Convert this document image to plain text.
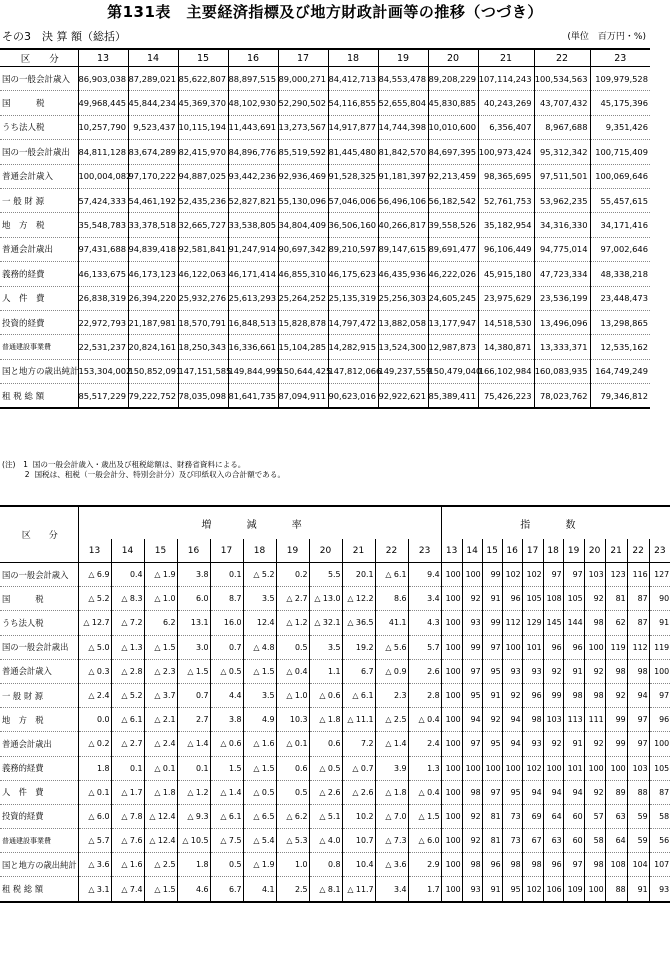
第131表　主要経済指標及び地方財政計画等の推移（つづき）
その3　決 算 額（総括）	(単位　百万円・%)
区　　分	13	14	15	16	17	18	19	20	21	22	23
国の一般会計歳入	86,903,038	87,289,021	85,622,807	88,897,515	89,000,271	84,412,713	84,553,478	89,208,229	107,114,243	100,534,563	109,979,528
国　　　税	49,968,445	45,844,234	45,369,370	48,102,930	52,290,502	54,116,855	52,655,804	45,830,885	40,243,269	43,707,432	45,175,396
うち法人税	10,257,790	9,523,437	10,115,194	11,443,691	13,273,567	14,917,877	14,744,398	10,010,600	6,356,407	8,967,688	9,351,426
国の一般会計歳出	84,811,128	83,674,289	82,415,970	84,896,776	85,519,592	81,445,480	81,842,570	84,697,395	100,973,424	95,312,342	100,715,409
普通会計歳入	100,004,082	97,170,222	94,887,025	93,442,236	92,936,469	91,528,325	91,181,397	92,213,459	98,365,695	97,511,501	100,069,646
一 般 財 源	57,424,333	54,461,192	52,435,236	52,827,821	55,130,096	57,046,006	56,496,106	56,182,542	52,761,753	53,962,235	55,457,615
地　方　税	35,548,783	33,378,518	32,665,727	33,538,805	34,804,409	36,506,160	40,266,817	39,558,526	35,182,954	34,316,330	34,171,416
普通会計歳出	97,431,688	94,839,418	92,581,841	91,247,914	90,697,342	89,210,597	89,147,615	89,691,477	96,106,449	94,775,014	97,002,646
義務的経費	46,133,675	46,173,123	46,122,063	46,171,414	46,855,310	46,175,623	46,435,936	46,222,026	45,915,180	47,723,334	48,338,218
人　件　費	26,838,319	26,394,220	25,932,276	25,613,293	25,264,252	25,135,319	25,256,303	24,605,245	23,975,629	23,536,199	23,448,473
投資的経費	22,972,793	21,187,981	18,570,791	16,848,513	15,828,878	14,797,472	13,882,058	13,177,947	14,518,530	13,496,096	13,298,865
普通建設事業費	22,531,237	20,824,161	18,250,343	16,336,661	15,104,285	14,282,915	13,524,300	12,987,873	14,380,871	13,333,371	12,535,162
国と地方の歳出純計	153,304,002	150,852,091	147,151,585	149,844,995	150,644,425	147,812,066	149,237,559	150,479,040	166,102,984	160,083,935	164,749,249
租 税 総 額	85,517,229	79,222,752	78,035,098	81,641,735	87,094,911	90,623,016	92,922,621	85,389,411	75,426,223	78,023,762	79,346,812
(注)　1
国の一般会計歳入・歳出及び租税総額は、財務省資料による。
　　　2
国税は、租税（一般会計分、特別会計分）及び印紙収入の合計額である。
区　　分	増 減 率											指 数										
	13	14	15	16	17	18	19	20	21	22	23	13	14	15	16	17	18	19	20	21	22	23
国の一般会計歳入	△ 6.9	0.4	△ 1.9	3.8	0.1	△ 5.2	0.2	5.5	20.1	△ 6.1	9.4	100	100	99	102	102	97	97	103	123	116	127
国　　　税	△ 5.2	△ 8.3	△ 1.0	6.0	8.7	3.5	△ 2.7	△ 13.0	△ 12.2	8.6	3.4	100	92	91	96	105	108	105	92	81	87	90
うち法人税	△ 12.7	△ 7.2	6.2	13.1	16.0	12.4	△ 1.2	△ 32.1	△ 36.5	41.1	4.3	100	93	99	112	129	145	144	98	62	87	91
国の一般会計歳出	△ 5.0	△ 1.3	△ 1.5	3.0	0.7	△ 4.8	0.5	3.5	19.2	△ 5.6	5.7	100	99	97	100	101	96	96	100	119	112	119
普通会計歳入	△ 0.3	△ 2.8	△ 2.3	△ 1.5	△ 0.5	△ 1.5	△ 0.4	1.1	6.7	△ 0.9	2.6	100	97	95	93	93	92	91	92	98	98	100
一 般 財 源	△ 2.4	△ 5.2	△ 3.7	0.7	4.4	3.5	△ 1.0	△ 0.6	△ 6.1	2.3	2.8	100	95	91	92	96	99	98	98	92	94	97
地　方　税	0.0	△ 6.1	△ 2.1	2.7	3.8	4.9	10.3	△ 1.8	△ 11.1	△ 2.5	△ 0.4	100	94	92	94	98	103	113	111	99	97	96
普通会計歳出	△ 0.2	△ 2.7	△ 2.4	△ 1.4	△ 0.6	△ 1.6	△ 0.1	0.6	7.2	△ 1.4	2.4	100	97	95	94	93	92	91	92	99	97	100
義務的経費	1.8	0.1	△ 0.1	0.1	1.5	△ 1.5	0.6	△ 0.5	△ 0.7	3.9	1.3	100	100	100	100	102	100	101	100	100	103	105
人　件　費	△ 0.1	△ 1.7	△ 1.8	△ 1.2	△ 1.4	△ 0.5	0.5	△ 2.6	△ 2.6	△ 1.8	△ 0.4	100	98	97	95	94	94	94	92	89	88	87
投資的経費	△ 6.0	△ 7.8	△ 12.4	△ 9.3	△ 6.1	△ 6.5	△ 6.2	△ 5.1	10.2	△ 7.0	△ 1.5	100	92	81	73	69	64	60	57	63	59	58
普通建設事業費	△ 5.7	△ 7.6	△ 12.4	△ 10.5	△ 7.5	△ 5.4	△ 5.3	△ 4.0	10.7	△ 7.3	△ 6.0	100	92	81	73	67	63	60	58	64	59	56
国と地方の歳出純計	△ 3.6	△ 1.6	△ 2.5	1.8	0.5	△ 1.9	1.0	0.8	10.4	△ 3.6	2.9	100	98	96	98	98	96	97	98	108	104	107
租 税 総 額	△ 3.1	△ 7.4	△ 1.5	4.6	6.7	4.1	2.5	△ 8.1	△ 11.7	3.4	1.7	100	93	91	95	102	106	109	100	88	91	93
